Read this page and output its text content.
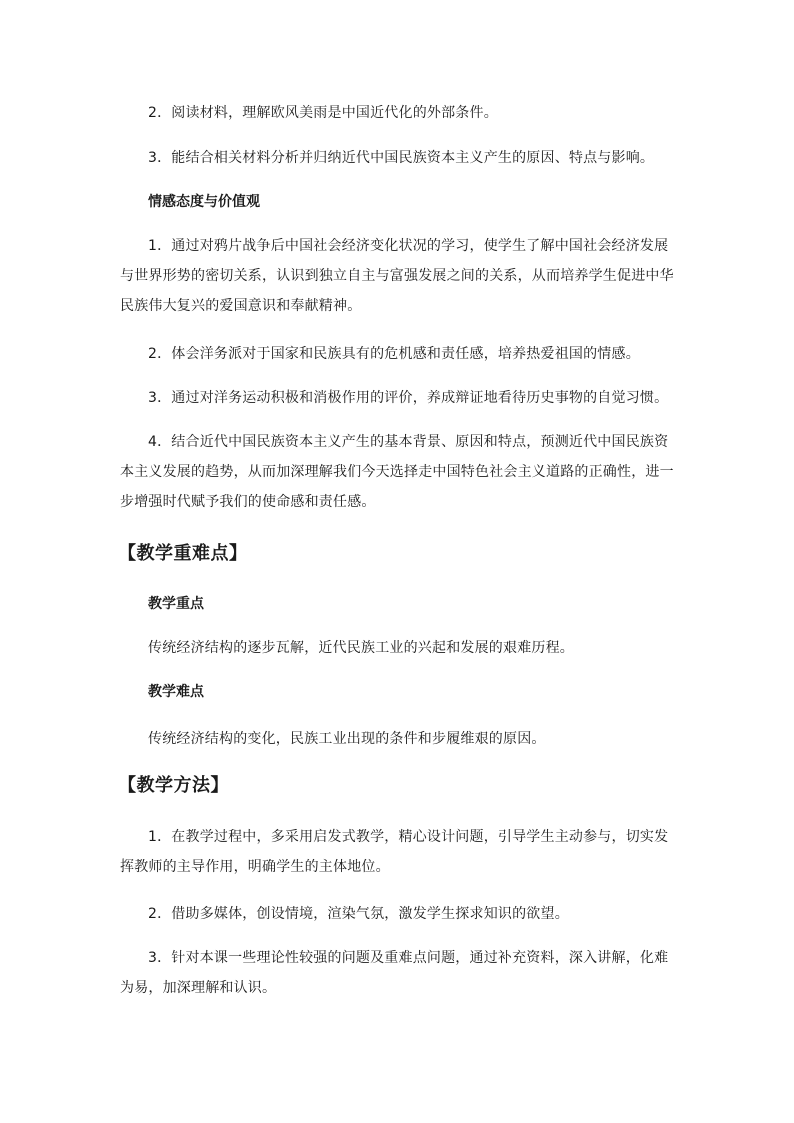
2．阅读材料，理解欧风美雨是中国近代化的外部条件。

3．能结合相关材料分析并归纳近代中国民族资本主义产生的原因、特点与影响。

情感态度与价值观

1．通过对鸦片战争后中国社会经济变化状况的学习，使学生了解中国社会经济发展与世界形势的密切关系，认识到独立自主与富强发展之间的关系，从而培养学生促进中华民族伟大复兴的爱国意识和奉献精神。

2．体会洋务派对于国家和民族具有的危机感和责任感，培养热爱祖国的情感。

3．通过对洋务运动积极和消极作用的评价，养成辩证地看待历史事物的自觉习惯。

4．结合近代中国民族资本主义产生的基本背景、原因和特点，预测近代中国民族资本主义发展的趋势，从而加深理解我们今天选择走中国特色社会主义道路的正确性，进一步增强时代赋予我们的使命感和责任感。

【教学重难点】

教学重点

传统经济结构的逐步瓦解，近代民族工业的兴起和发展的艰难历程。

教学难点

传统经济结构的变化，民族工业出现的条件和步履维艰的原因。

【教学方法】

1．在教学过程中，多采用启发式教学，精心设计问题，引导学生主动参与，切实发挥教师的主导作用，明确学生的主体地位。

2．借助多媒体，创设情境，渲染气氛，激发学生探求知识的欲望。

3．针对本课一些理论性较强的问题及重难点问题，通过补充资料，深入讲解，化难为易，加深理解和认识。
